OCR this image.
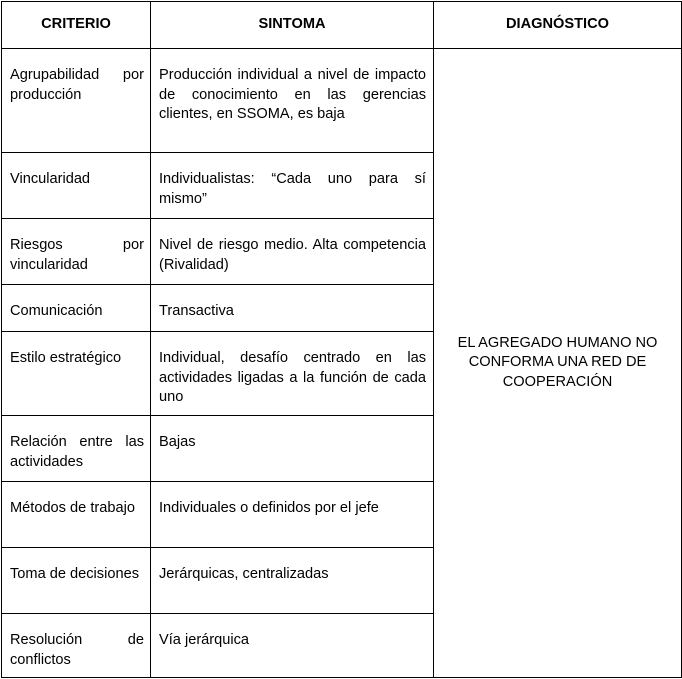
CRITERIO	SINTOMA	DIAGNÓSTICO
Agrupabilidad por producción	Producción individual a nivel de impacto de conocimiento en las gerencias clientes, en SSOMA, es baja	EL AGREGADO HUMANO NO CONFORMA UNA RED DE COOPERACIÓN
Vincularidad	Individualistas: “Cada uno para sí mismo”	
Riesgos por vincularidad	Nivel de riesgo medio. Alta competencia (Rivalidad)	
Comunicación	Transactiva	
Estilo estratégico	Individual, desafío centrado en las actividades ligadas a la función de cada uno	
Relación entre las actividades	Bajas	
Métodos de trabajo	Individuales o definidos por el jefe	
Toma de decisiones	Jerárquicas, centralizadas	
Resolución de conflictos	Vía jerárquica	
